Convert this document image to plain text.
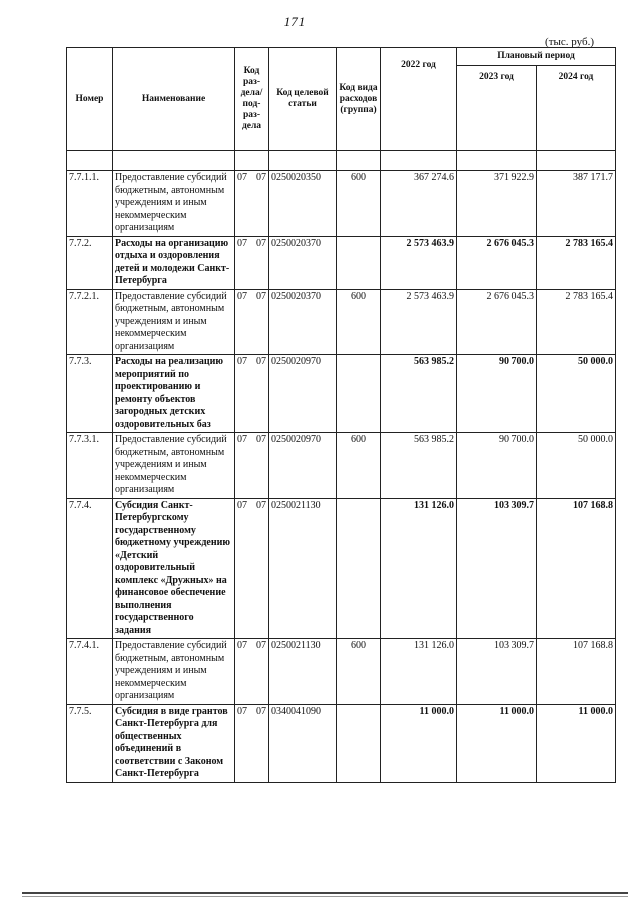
171
(тыс. руб.)
Номер	Наименование	Код раз-дела/ под-раз-дела	Код целевой статьи	Код вида расходов (группа)	2022 год	Плановый период	
						2023 год	2024 год

7.7.1.1.	Предоставление субсидий бюджетным, автономным учреждениям и иным некоммерческим организациям	07 07	0250020350	600	367 274.6	371 922.9	387 171.7
7.7.2.	Расходы на организацию отдыха и оздоровления детей и молодежи Санкт-Петербурга	07 07	0250020370		2 573 463.9	2 676 045.3	2 783 165.4
7.7.2.1.	Предоставление субсидий бюджетным, автономным учреждениям и иным некоммерческим организациям	07 07	0250020370	600	2 573 463.9	2 676 045.3	2 783 165.4
7.7.3.	Расходы на реализацию мероприятий по проектированию и ремонту объектов загородных детских оздоровительных баз	07 07	0250020970		563 985.2	90 700.0	50 000.0
7.7.3.1.	Предоставление субсидий бюджетным, автономным учреждениям и иным некоммерческим организациям	07 07	0250020970	600	563 985.2	90 700.0	50 000.0
7.7.4.	Субсидия Санкт-Петербургскому государственному бюджетному учреждению «Детский оздоровительный комплекс «Дружных» на финансовое обеспечение выполнения государственного задания	07 07	0250021130		131 126.0	103 309.7	107 168.8
7.7.4.1.	Предоставление субсидий бюджетным, автономным учреждениям и иным некоммерческим организациям	07 07	0250021130	600	131 126.0	103 309.7	107 168.8
7.7.5.	Субсидия в виде грантов Санкт-Петербурга для общественных объединений в соответствии с Законом Санкт-Петербурга	07 07	0340041090		11 000.0	11 000.0	11 000.0
